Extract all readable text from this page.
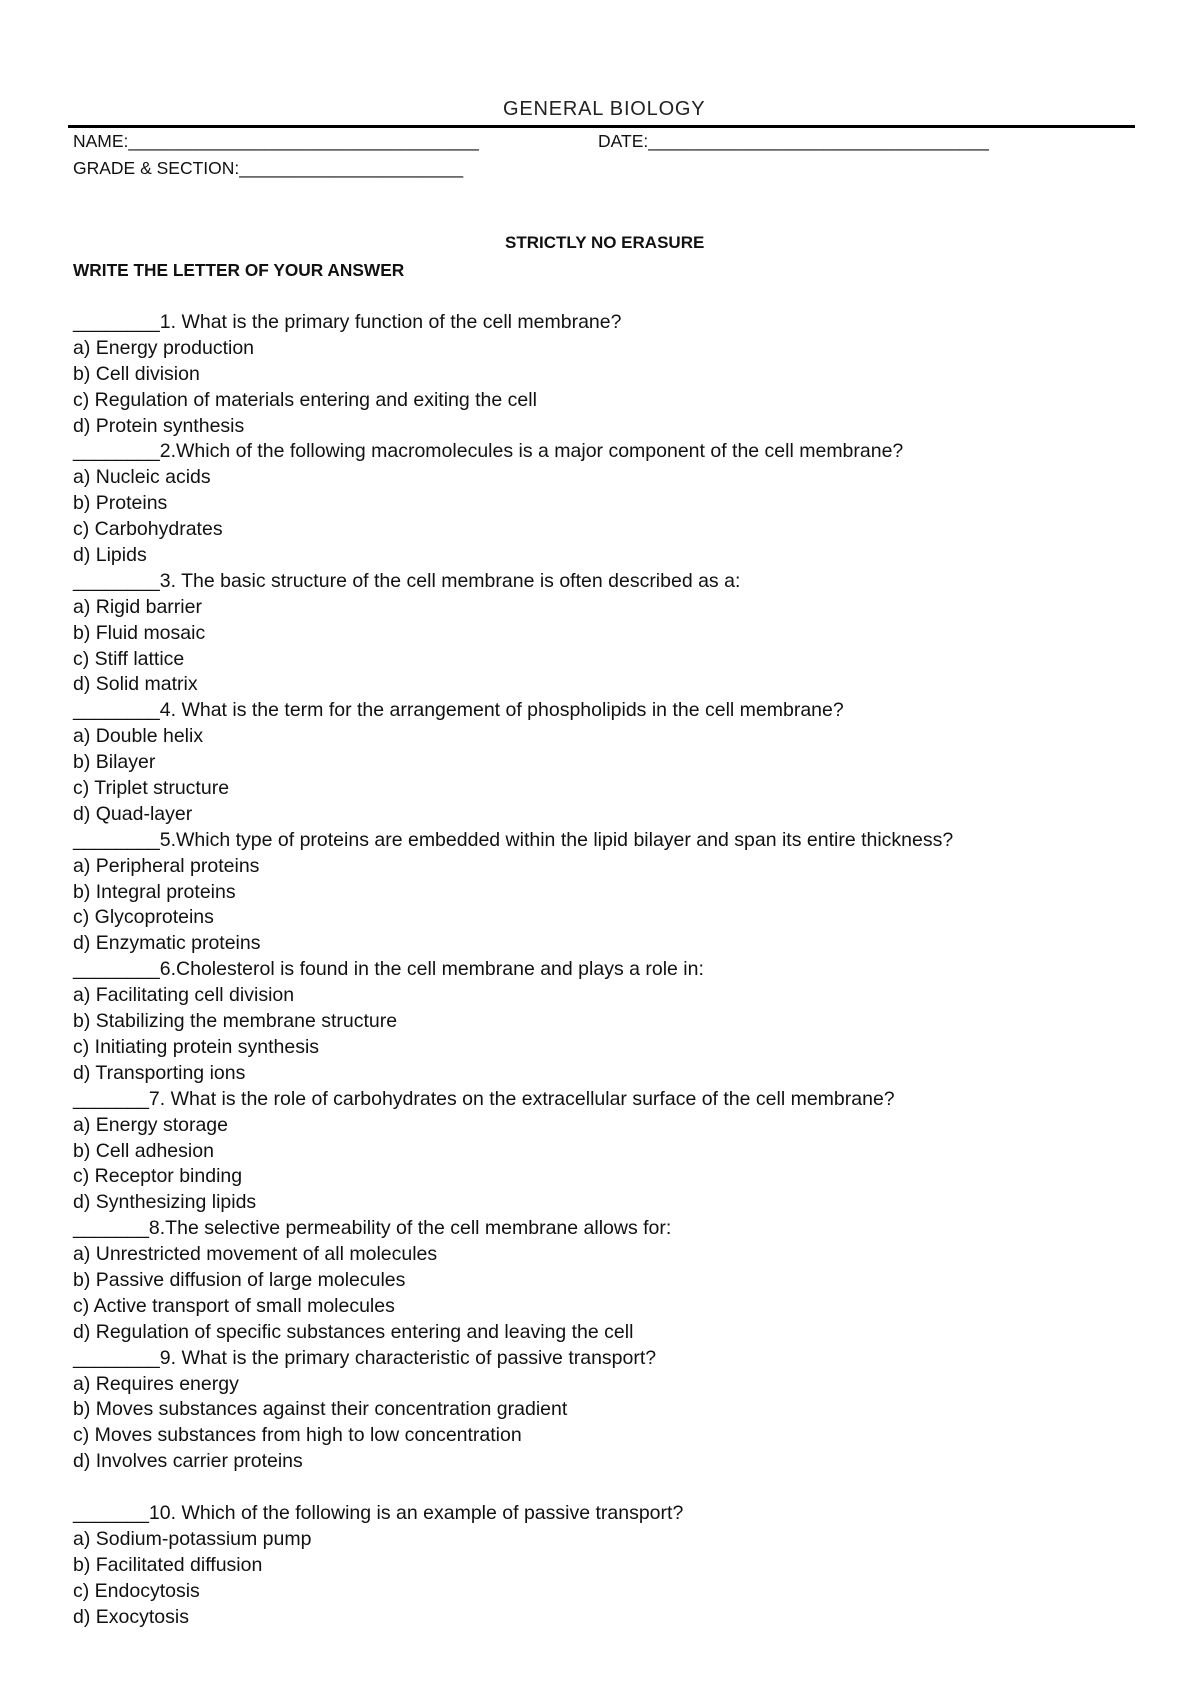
GENERAL BIOLOGY
NAME:____________________________________	DATE:___________________________________
GRADE & SECTION:_______________________
STRICTLY NO ERASURE
WRITE THE LETTER OF YOUR ANSWER
________1. What is the primary function of the cell membrane?
a) Energy production
b) Cell division
c) Regulation of materials entering and exiting the cell
d) Protein synthesis
________2.Which of the following macromolecules is a major component of the cell membrane?
a) Nucleic acids
b) Proteins
c) Carbohydrates
d) Lipids
________3. The basic structure of the cell membrane is often described as a:
a) Rigid barrier
b) Fluid mosaic
c) Stiff lattice
d) Solid matrix
________4. What is the term for the arrangement of phospholipids in the cell membrane?
a) Double helix
b) Bilayer
c) Triplet structure
d) Quad-layer
________5.Which type of proteins are embedded within the lipid bilayer and span its entire thickness?
a) Peripheral proteins
b) Integral proteins
c) Glycoproteins
d) Enzymatic proteins
________6.Cholesterol is found in the cell membrane and plays a role in:
a) Facilitating cell division
b) Stabilizing the membrane structure
c) Initiating protein synthesis
d) Transporting ions
_______7. What is the role of carbohydrates on the extracellular surface of the cell membrane?
a) Energy storage
b) Cell adhesion
c) Receptor binding
d) Synthesizing lipids
_______8.The selective permeability of the cell membrane allows for:
a) Unrestricted movement of all molecules
b) Passive diffusion of large molecules
c) Active transport of small molecules
d) Regulation of specific substances entering and leaving the cell
________9. What is the primary characteristic of passive transport?
a) Requires energy
b) Moves substances against their concentration gradient
c) Moves substances from high to low concentration
d) Involves carrier proteins
_______10. Which of the following is an example of passive transport?
a) Sodium-potassium pump
b) Facilitated diffusion
c) Endocytosis
d) Exocytosis
